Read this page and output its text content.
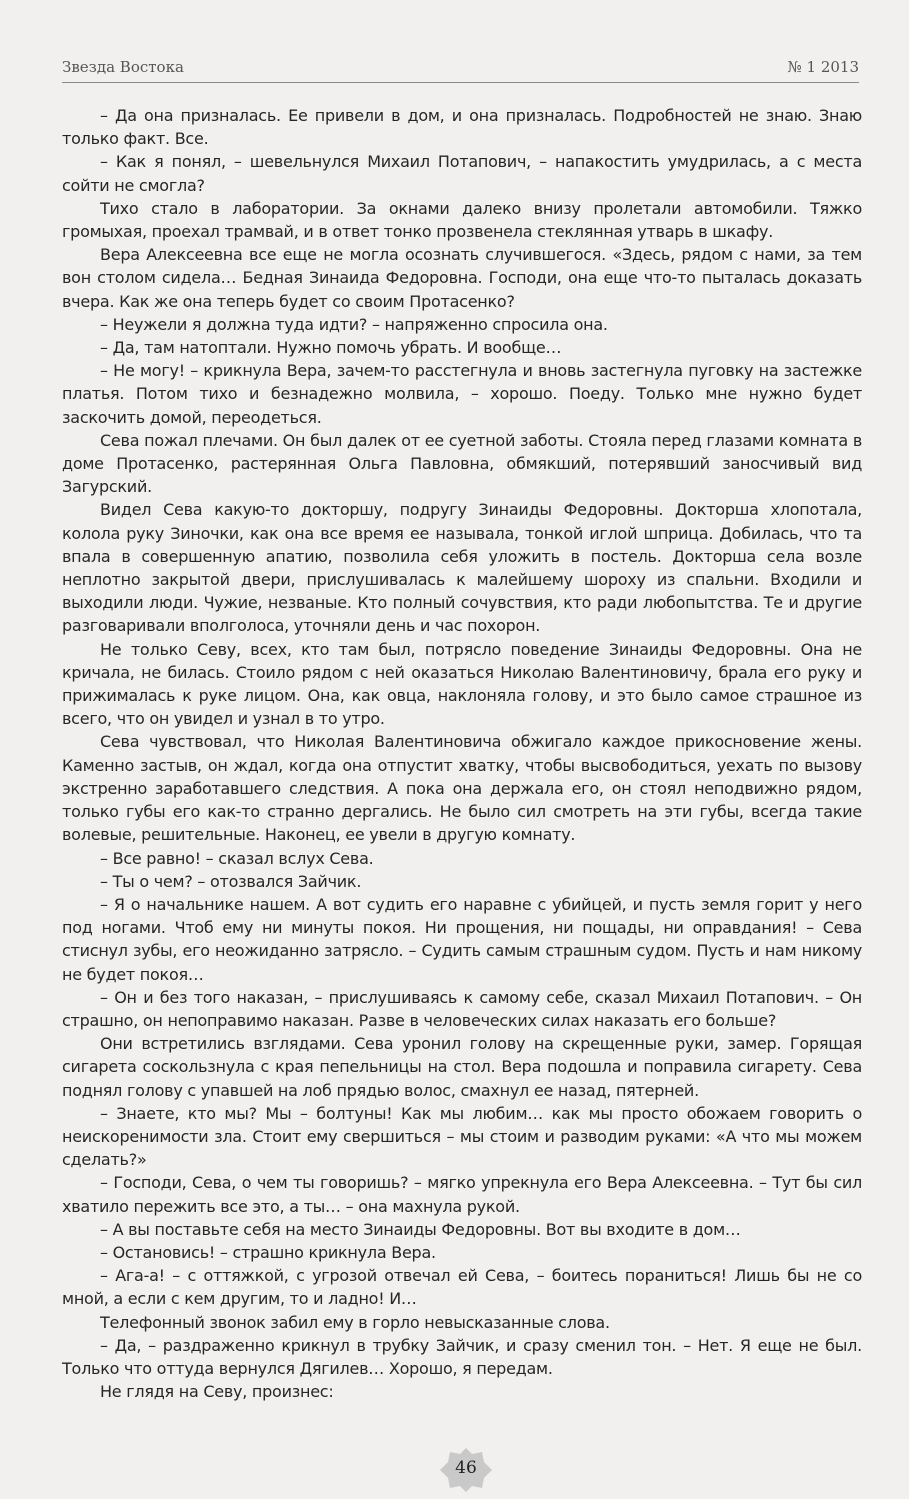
Звезда Востока	№ 1 2013

– Да она призналась. Ее привели в дом, и она призналась. Подробностей не знаю. Знаю только факт. Все.

– Как я понял, – шевельнулся Михаил Потапович, – напакостить умудрилась, а с места сойти не смогла?

Тихо стало в лаборатории. За окнами далеко внизу пролетали автомобили. Тяжко громыхая, проехал трамвай, и в ответ тонко прозвенела стеклянная утварь в шкафу.

Вера Алексеевна все еще не могла осознать случившегося. «Здесь, рядом с нами, за тем вон столом сидела… Бедная Зинаида Федоровна. Господи, она еще что-то пыталась доказать вчера. Как же она теперь будет со своим Протасенко?

– Неужели я должна туда идти? – напряженно спросила она.

– Да, там натоптали. Нужно помочь убрать. И вообще…

– Не могу! – крикнула Вера, зачем-то расстегнула и вновь застегнула пуговку на застежке платья. Потом тихо и безнадежно молвила, – хорошо. Поеду. Только мне нужно будет заскочить домой, переодеться.

Сева пожал плечами. Он был далек от ее суетной заботы. Стояла перед глазами комната в доме Протасенко, растерянная Ольга Павловна, обмякший, потерявший заносчивый вид Загурский.

Видел Сева какую-то докторшу, подругу Зинаиды Федоровны. Докторша хлопотала, колола руку Зиночки, как она все время ее называла, тонкой иглой шприца. Добилась, что та впала в совершенную апатию, позволила себя уложить в постель. Докторша села возле неплотно закрытой двери, прислушивалась к малейшему шороху из спальни. Входили и выходили люди. Чужие, незваные. Кто полный сочувствия, кто ради любопытства. Те и другие разговаривали вполголоса, уточняли день и час похорон.

Не только Севу, всех, кто там был, потрясло поведение Зинаиды Федоровны. Она не кричала, не билась. Стоило рядом с ней оказаться Николаю Валентиновичу, брала его руку и прижималась к руке лицом. Она, как овца, наклоняла голову, и это было самое страшное из всего, что он увидел и узнал в то утро.

Сева чувствовал, что Николая Валентиновича обжигало каждое прикосновение жены. Каменно застыв, он ждал, когда она отпустит хватку, чтобы высвободиться, уехать по вызову экстренно заработавшего следствия. А пока она держала его, он стоял неподвижно рядом, только губы его как-то странно дергались. Не было сил смотреть на эти губы, всегда такие волевые, решительные. Наконец, ее увели в другую комнату.

– Все равно! – сказал вслух Сева.

– Ты о чем? – отозвался Зайчик.

– Я о начальнике нашем. А вот судить его наравне с убийцей, и пусть земля горит у него под ногами. Чтоб ему ни минуты покоя. Ни прощения, ни пощады, ни оправдания! – Сева стиснул зубы, его неожиданно затрясло. – Судить самым страшным судом. Пусть и нам никому не будет покоя…

– Он и без того наказан, – прислушиваясь к самому себе, сказал Михаил Потапович. – Он страшно, он непоправимо наказан. Разве в человеческих силах наказать его больше?

Они встретились взглядами. Сева уронил голову на скрещенные руки, замер. Горящая сигарета соскользнула с края пепельницы на стол. Вера подошла и поправила сигарету. Сева поднял голову с упавшей на лоб прядью волос, смахнул ее назад, пятерней.

– Знаете, кто мы? Мы – болтуны! Как мы любим… как мы просто обожаем говорить о неискоренимости зла. Стоит ему свершиться – мы стоим и разводим руками: «А что мы можем сделать?»

– Господи, Сева, о чем ты говоришь? – мягко упрекнула его Вера Алексеевна. – Тут бы сил хватило пережить все это, а ты… – она махнула рукой.

– А вы поставьте себя на место Зинаиды Федоровны. Вот вы входите в дом…

– Остановись! – страшно крикнула Вера.

– Ага-а! – с оттяжкой, с угрозой отвечал ей Сева, – боитесь пораниться! Лишь бы не со мной, а если с кем другим, то и ладно! И…

Телефонный звонок забил ему в горло невысказанные слова.

– Да, – раздраженно крикнул в трубку Зайчик, и сразу сменил тон. – Нет. Я еще не был. Только что оттуда вернулся Дягилев… Хорошо, я передам.

Не глядя на Севу, произнес:

46
